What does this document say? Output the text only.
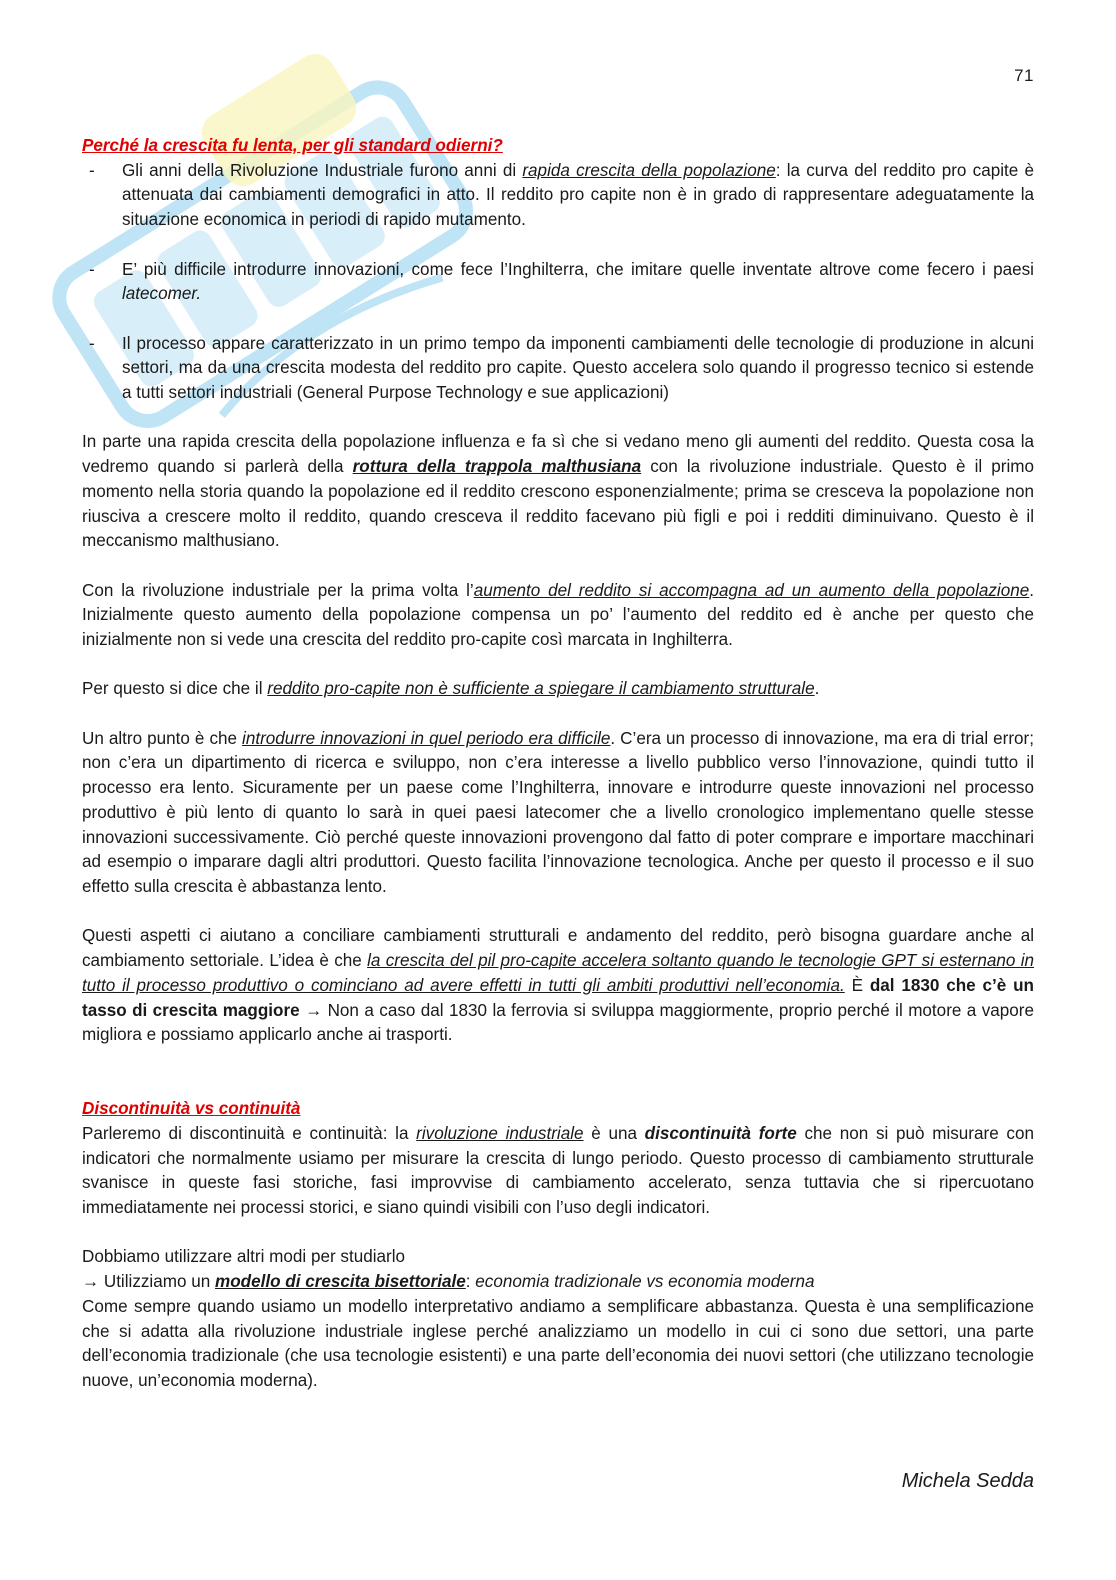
71

Perché la crescita fu lenta, per gli standard odierni?

- Gli anni della Rivoluzione Industriale furono anni di rapida crescita della popolazione: la curva del reddito pro capite è attenuata dai cambiamenti demografici in atto. Il reddito pro capite non è in grado di rappresentare adeguatamente la situazione economica in periodi di rapido mutamento.
- E’ più difficile introdurre innovazioni, come fece l’Inghilterra, che imitare quelle inventate altrove come fecero i paesi latecomer.
- Il processo appare caratterizzato in un primo tempo da imponenti cambiamenti delle tecnologie di produzione in alcuni settori, ma da una crescita modesta del reddito pro capite. Questo accelera solo quando il progresso tecnico si estende a tutti settori industriali (General Purpose Technology e sue applicazioni)

In parte una rapida crescita della popolazione influenza e fa sì che si vedano meno gli aumenti del reddito. Questa cosa la vedremo quando si parlerà della rottura della trappola malthusiana con la rivoluzione industriale. Questo è il primo momento nella storia quando la popolazione ed il reddito crescono esponenzialmente; prima se cresceva la popolazione non riusciva a crescere molto il reddito, quando cresceva il reddito facevano più figli e poi i redditi diminuivano. Questo è il meccanismo malthusiano.

Con la rivoluzione industriale per la prima volta l’aumento del reddito si accompagna ad un aumento della popolazione. Inizialmente questo aumento della popolazione compensa un po’ l’aumento del reddito ed è anche per questo che inizialmente non si vede una crescita del reddito pro-capite così marcata in Inghilterra.

Per questo si dice che il reddito pro-capite non è sufficiente a spiegare il cambiamento strutturale.

Un altro punto è che introdurre innovazioni in quel periodo era difficile. C’era un processo di innovazione, ma era di trial error; non c’era un dipartimento di ricerca e sviluppo, non c’era interesse a livello pubblico verso l’innovazione, quindi tutto il processo era lento. Sicuramente per un paese come l’Inghilterra, innovare e introdurre queste innovazioni nel processo produttivo è più lento di quanto lo sarà in quei paesi latecomer che a livello cronologico implementano quelle stesse innovazioni successivamente. Ciò perché queste innovazioni provengono dal fatto di poter comprare e importare macchinari ad esempio o imparare dagli altri produttori. Questo facilita l’innovazione tecnologica. Anche per questo il processo e il suo effetto sulla crescita è abbastanza lento.

Questi aspetti ci aiutano a conciliare cambiamenti strutturali e andamento del reddito, però bisogna guardare anche al cambiamento settoriale. L’idea è che la crescita del pil pro-capite accelera soltanto quando le tecnologie GPT si esternano in tutto il processo produttivo o cominciano ad avere effetti in tutti gli ambiti produttivi nell’economia. È dal 1830 che c’è un tasso di crescita maggiore → Non a caso dal 1830 la ferrovia si sviluppa maggiormente, proprio perché il motore a vapore migliora e possiamo applicarlo anche ai trasporti.

Discontinuità vs continuità

Parleremo di discontinuità e continuità: la rivoluzione industriale è una discontinuità forte che non si può misurare con indicatori che normalmente usiamo per misurare la crescita di lungo periodo. Questo processo di cambiamento strutturale svanisce in queste fasi storiche, fasi improvvise di cambiamento accelerato, senza tuttavia che si ripercuotano immediatamente nei processi storici, e siano quindi visibili con l’uso degli indicatori.

Dobbiamo utilizzare altri modi per studiarlo

→ Utilizziamo un modello di crescita bisettoriale: economia tradizionale vs economia moderna

Come sempre quando usiamo un modello interpretativo andiamo a semplificare abbastanza. Questa è una semplificazione che si adatta alla rivoluzione industriale inglese perché analizziamo un modello in cui ci sono due settori, una parte dell’economia tradizionale (che usa tecnologie esistenti) e una parte dell’economia dei nuovi settori (che utilizzano tecnologie nuove, un’economia moderna).

Michela Sedda
